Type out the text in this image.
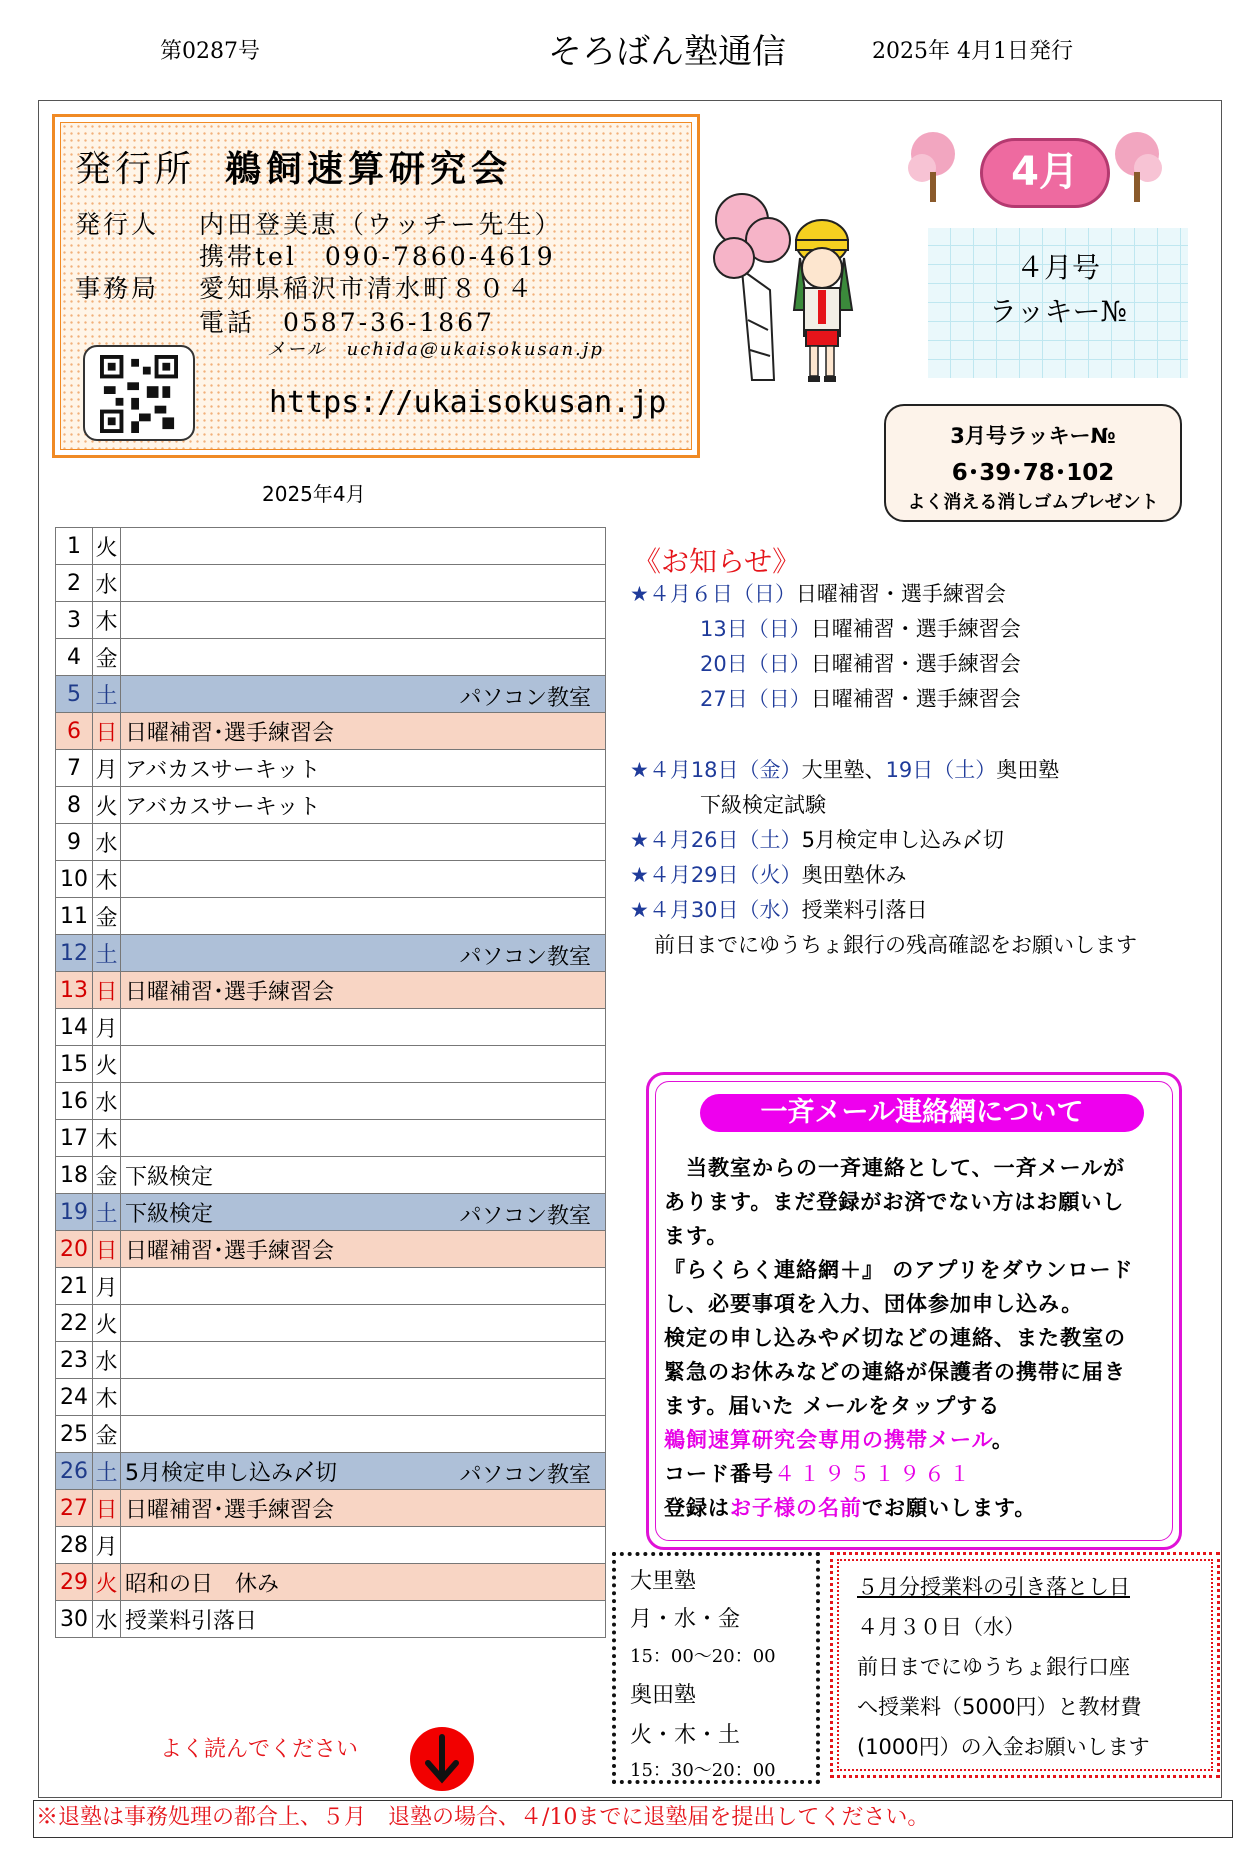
第0287号	そろばん塾通信	2025年 4月1日発行
発行所 鵜飼速算研究会
発行人 内田登美恵（ウッチー先生）
携帯tel　090-7860-4619
事務局 愛知県稲沢市清水町８０４
電話　0587-36-1867
メール　uchida@ukaisokusan.jp
https://ukaisokusan.jp
4月
４月号
ラッキー№
3月号ラッキー№
6･39･78･102
よく消える消しゴムプレゼント
2025年4月
1	火	
2	水	
3	木	
4	金	
5	土	パソコン教室

6	日	日曜補習･選手練習会
7	月	アバカスサーキット
8	火	アバカスサーキット
9	水	
10	木	
11	金	
12	土	パソコン教室

13	日	日曜補習･選手練習会
14	月	
15	火	
16	水	
17	木	
18	金	下級検定
19	土	下級検定 パソコン教室

20	日	日曜補習･選手練習会
21	月	
22	火	
23	水	
24	木	
25	金	
26	土	5月検定申し込み〆切 パソコン教室

27	日	日曜補習･選手練習会
28	月	
29	火	昭和の日　休み
30	水	授業料引落日
《お知らせ》
★４月６日（日）日曜補習・選手練習会
13日（日）日曜補習・選手練習会
20日（日）日曜補習・選手練習会
27日（日）日曜補習・選手練習会
★４月18日（金）大里塾、19日（土）奥田塾
下級検定試験
★４月26日（土）5月検定申し込み〆切
★４月29日（火）奥田塾休み
★４月30日（水）授業料引落日
前日までにゆうちょ銀行の残高確認をお願いします
一斉メール連絡網について
　当教室からの一斉連絡として、一斉メールが
あります。まだ登録がお済でない方はお願いし
ます。
『らくらく連絡網＋』 のアプリをダウンロード
し、必要事項を入力、団体参加申し込み。
検定の申し込みや〆切などの連絡、また教室の
緊急のお休みなどの連絡が保護者の携帯に届き
ます。届いた メールをタップする
鵜飼速算研究会専用の携帯メール。
コード番号４１９５１９６１
登録はお子様の名前でお願いします。
大里塾
月・水・金
15：00～20：00
奥田塾
火・木・土
15：30～20：00
５月分授業料の引き落とし日
４月３０日（水）
前日までにゆうちょ銀行口座
へ授業料（5000円）と教材費
(1000円）の入金お願いします
よく読んでください
※退塾は事務処理の都合上、５月　退塾の場合、４/10までに退塾届を提出してください。
